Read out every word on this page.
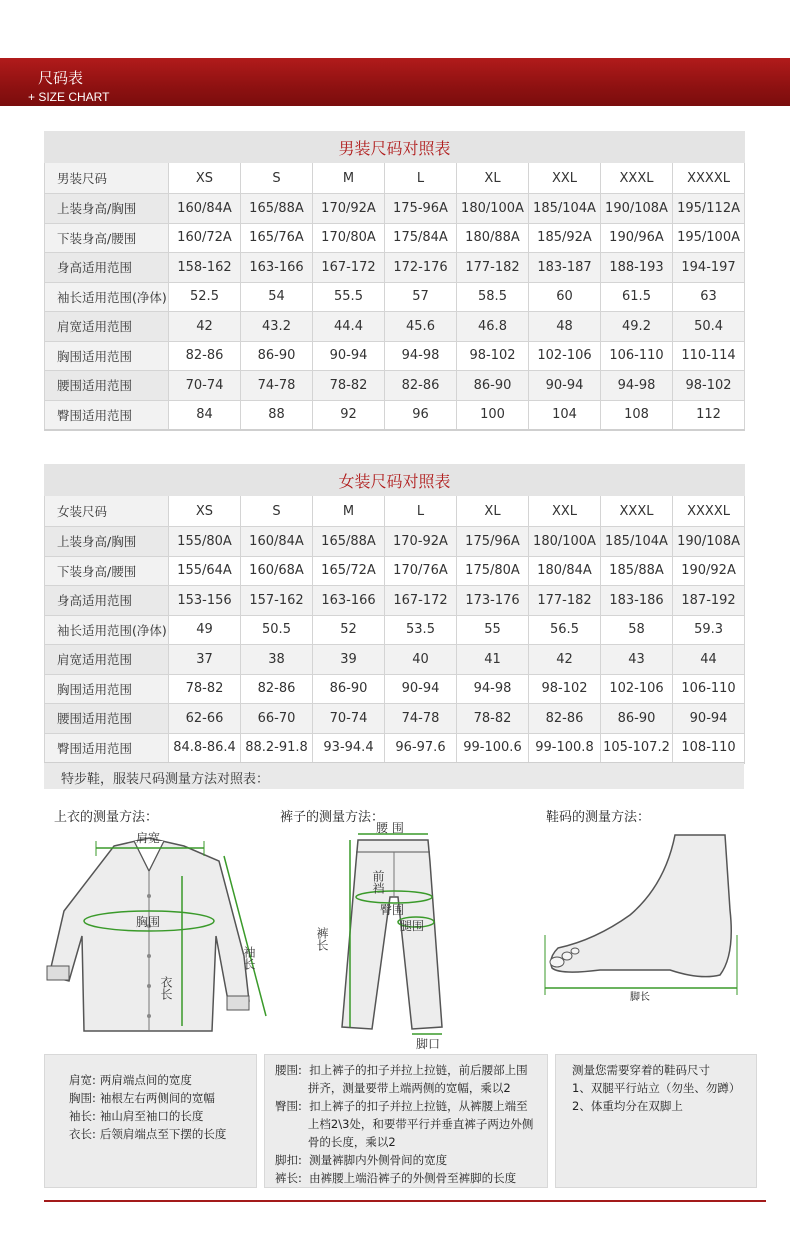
尺码表
+ SIZE CHART
男装尺码对照表								
男装尺码	XS	S	M	L	XL	XXL	XXXL	XXXXL
上装身高/胸围	160/84A	165/88A	170/92A	175-96A	180/100A	185/104A	190/108A	195/112A
下装身高/腰围	160/72A	165/76A	170/80A	175/84A	180/88A	185/92A	190/96A	195/100A
身高适用范围	158-162	163-166	167-172	172-176	177-182	183-187	188-193	194-197
袖长适用范围(净体)	52.5	54	55.5	57	58.5	60	61.5	63
肩宽适用范围	42	43.2	44.4	45.6	46.8	48	49.2	50.4
胸围适用范围	82-86	86-90	90-94	94-98	98-102	102-106	106-110	110-114
腰围适用范围	70-74	74-78	78-82	82-86	86-90	90-94	94-98	98-102
臀围适用范围	84	88	92	96	100	104	108	112
女装尺码对照表								
女装尺码	XS	S	M	L	XL	XXL	XXXL	XXXXL
上装身高/胸围	155/80A	160/84A	165/88A	170-92A	175/96A	180/100A	185/104A	190/108A
下装身高/腰围	155/64A	160/68A	165/72A	170/76A	175/80A	180/84A	185/88A	190/92A
身高适用范围	153-156	157-162	163-166	167-172	173-176	177-182	183-186	187-192
袖长适用范围(净体)	49	50.5	52	53.5	55	56.5	58	59.3
肩宽适用范围	37	38	39	40	41	42	43	44
胸围适用范围	78-82	82-86	86-90	90-94	94-98	98-102	102-106	106-110
腰围适用范围	62-66	66-70	70-74	74-78	78-82	82-86	86-90	90-94
臀围适用范围	84.8-86.4	88.2-91.8	93-94.4	96-97.6	99-100.6	99-100.8	105-107.2	108-110
特步鞋，服装尺码测量方法对照表：
上衣的测量方法：	裤子的测量方法：	鞋码的测量方法：
肩宽
胸围
袖长
衣长
腰 围
前裆
臀围
腿围
裤长
脚口
脚长
肩宽: 两肩端点间的宽度
胸围: 袖根左右两侧间的宽幅
袖长: 袖山肩至袖口的长度
衣长: 后领肩端点至下摆的长度
腰围:  扣上裤子的扣子并拉上拉链，前后腰部上围
拼齐，测量要带上端两侧的宽幅，乘以2
臀围:  扣上裤子的扣子并拉上拉链，从裤腰上端至
上档2\3处，和要带平行并垂直裤子两边外侧
骨的长度，乘以2
脚扣:  测量裤脚内外侧骨间的宽度
裤长:  由裤腰上端沿裤子的外侧骨至裤脚的长度
测量您需要穿着的鞋码尺寸
1、双腿平行站立（勿坐、勿蹲）
2、体重均分在双脚上
